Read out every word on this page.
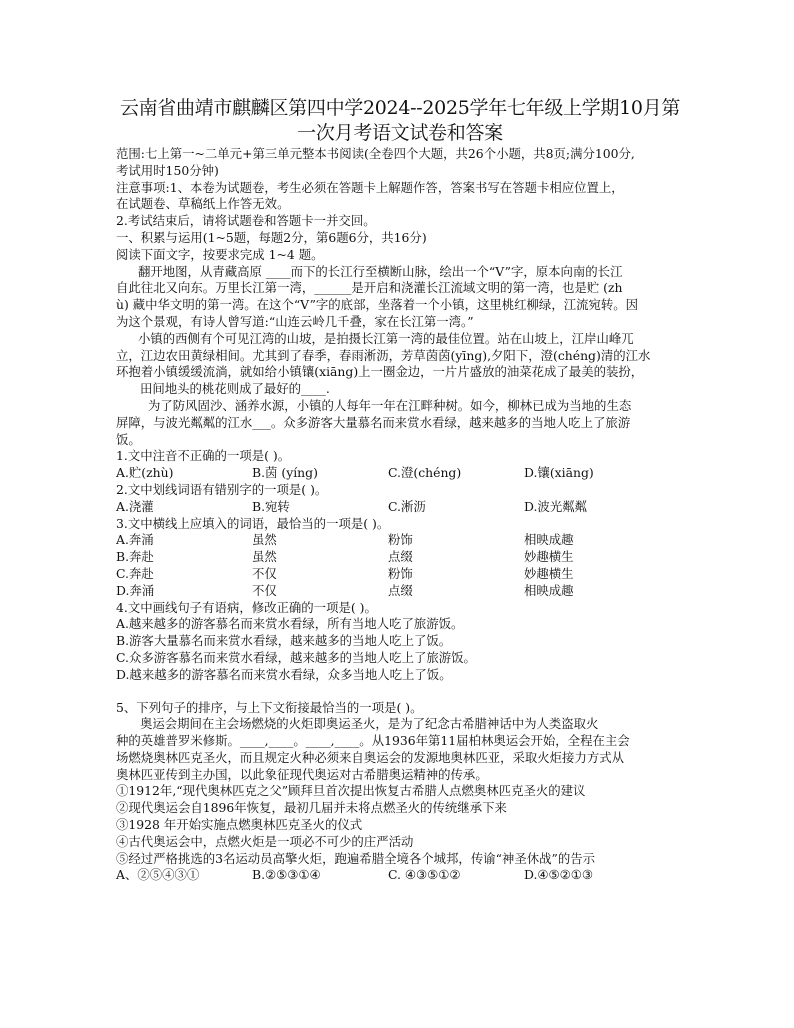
云南省曲靖市麒麟区第四中学2024--2025学年七年级上学期10月第
一次月考语文试卷和答案
范围:七上第一~二单元+第三单元整本书阅读(全卷四个大题，共26个小题，共8页;满分100分,
考试用时150分钟)
注意事项:1、本卷为试题卷，考生必须在答题卡上解题作答，答案书写在答题卡相应位置上，
在试题卷、草稿纸上作答无效。
2.考试结束后，请将试题卷和答题卡一并交回。
一、积累与运用(1~5题，每题2分，第6题6分，共16分)
阅读下面文字，按要求完成 1~4 题。
翻开地图，从青藏高原 ____而下的长江行至横断山脉，绘出一个“V”字，原本向南的长江
自此往北又向东。万里长江第一湾，______是开启和浇灌长江流域文明的第一湾，也是贮 (zh
ù) 藏中华文明的第一湾。在这个“V”字的底部，坐落着一个小镇，这里桃红柳绿，江流宛转。因
为这个景观，有诗人曾写道:“山连云岭几千叠，家在长江第一湾。”
小镇的西侧有个可见江湾的山坡，是拍摄长江第一湾的最佳位置。站在山坡上，江岸山峰兀
立，江边农田黄绿相间。尤其到了春季，春雨淅沥，芳草茵茵(yīng),夕阳下，澄(chéng)清的江水
环抱着小镇缓缓流淌，就如给小镇镶(xiāng)上一圈金边，一片片盛放的油菜花成了最美的装扮，
田间地头的桃花则成了最好的____.
为了防风固沙、涵养水源，小镇的人每年一年在江畔种树。如今，柳林已成为当地的生态
屏障，与波光粼粼的江水___。众多游客大量慕名而来赏水看绿，越来越多的当地人吃上了旅游
饭。
1.文中注音不正确的一项是( )。
A.贮(zhù)	B.茵 (yíng)	C.澄(chéng)	D.镶(xiāng)
2.文中划线词语有错别字的一项是( )。
A.浇灌	B.宛转	C.淅沥	D.波光粼粼
3.文中横线上应填入的词语，最恰当的一项是( )。
A.奔涌	虽然	粉饰	相映成趣
B.奔赴	虽然	点缀	妙趣横生
C.奔赴	不仅	粉饰	妙趣横生
D.奔涌	不仅	点缀	相映成趣
4.文中画线句子有语病，修改正确的一项是( )。
A.越来越多的游客慕名而来赏水看绿，所有当地人吃了旅游饭。
B.游客大量慕名而来赏水看绿，越来越多的当地人吃上了饭。
C.众多游客慕名而来赏水看绿，越来越多的当地人吃上了旅游饭。
D.越来越多的游客慕名而来赏水看绿，众多当地人吃上了饭。
5、下列句子的排序，与上下文衔接最恰当的一项是( )。
奥运会期间在主会场燃烧的火炬即奥运圣火，是为了纪念古希腊神话中为人类盗取火
种的英雄普罗米修斯。____,____。____,____。从1936年第11届柏林奥运会开始，全程在主会
场燃烧奥林匹克圣火，而且规定火种必须来自奥运会的发源地奥林匹亚，采取火炬接力方式从
奥林匹亚传到主办国，以此象征现代奥运对古希腊奥运精神的传承。
①1912年,“现代奥林匹克之父”顾拜旦首次提出恢复古希腊人点燃奥林匹克圣火的建议
②现代奥运会自1896年恢复，最初几届并未将点燃圣火的传统继承下来
③1928 年开始实施点燃奥林匹克圣火的仪式
④古代奥运会中，点燃火炬是一项必不可少的庄严活动
⑤经过严格挑选的3名运动员高擎火炬，跑遍希腊全境各个城邦，传谕“神圣休战”的告示
A、②⑤④③①	B.②⑤③①④	C. ④③⑤①②	D.④⑤②①③
